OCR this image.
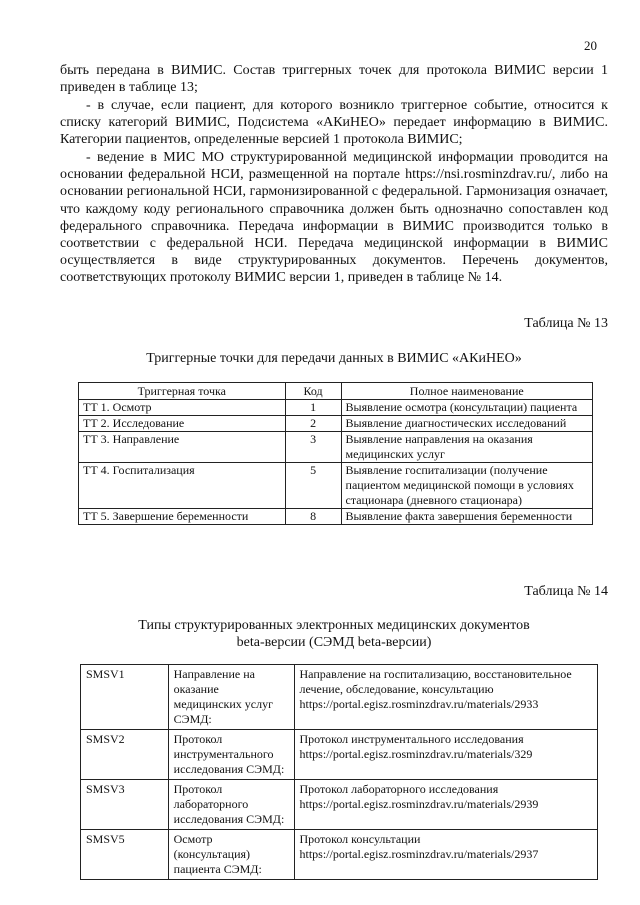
20

быть передана в ВИМИС. Состав триггерных точек для протокола ВИМИС версии 1 приведен в таблице 13;

- в случае, если пациент, для которого возникло триггерное событие, относится к списку категорий ВИМИС, Подсистема «АКиНЕО» передает информацию в ВИМИС. Категории пациентов, определенные версией 1 протокола ВИМИС;

- ведение в МИС МО структурированной медицинской информации проводится на основании федеральной НСИ, размещенной на портале https://nsi.rosminzdrav.ru/, либо на основании региональной НСИ, гармонизированной с федеральной. Гармонизация означает, что каждому коду регионального справочника должен быть однозначно сопоставлен код федерального справочника. Передача информации в ВИМИС производится только в соответствии с федеральной НСИ. Передача медицинской информации в ВИМИС осуществляется в виде структурированных документов. Перечень документов, соответствующих протоколу ВИМИС версии 1, приведен в таблице № 14.

Таблица № 13
Триггерные точки для передачи данных в ВИМИС «АКиНЕО»
Триггерная точка	Код	Полное наименование
ТТ 1. Осмотр	1	Выявление осмотра (консультации) пациента
ТТ 2. Исследование	2	Выявление диагностических исследований
ТТ 3. Направление	3	Выявление направления на оказания медицинских услуг
ТТ 4. Госпитализация	5	Выявление госпитализации (получение пациентом медицинской помощи в условиях стационара (дневного стационара)
ТТ 5. Завершение беременности	8	Выявление факта завершения беременности
Таблица № 14
Типы структурированных электронных медицинских документов
beta-версии (СЭМД beta-версии)
SMSV1	Направление на оказание медицинских услуг СЭМД:	Направление на госпитализацию, восстановительное лечение, обследование, консультацию https://portal.egisz.rosminzdrav.ru/materials/2933
SMSV2	Протокол инструментального исследования СЭМД:	Протокол инструментального исследования https://portal.egisz.rosminzdrav.ru/materials/329
SMSV3	Протокол лабораторного исследования СЭМД:	Протокол лабораторного исследования https://portal.egisz.rosminzdrav.ru/materials/2939
SMSV5	Осмотр (консультация) пациента СЭМД:	Протокол консультации https://portal.egisz.rosminzdrav.ru/materials/2937
